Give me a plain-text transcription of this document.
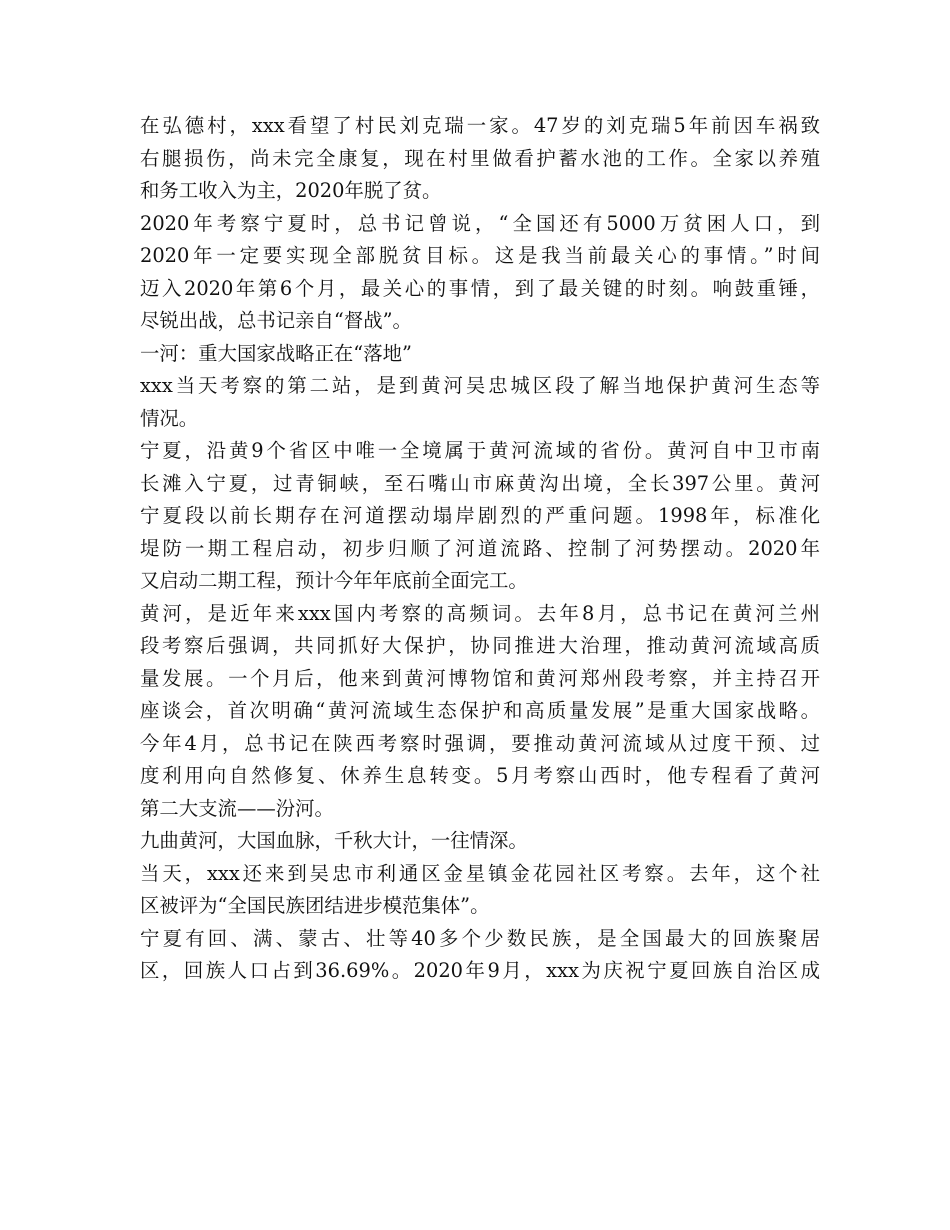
在弘德村，xxx看望了村民刘克瑞一家。47岁的刘克瑞5年前因车祸致
右腿损伤，尚未完全康复，现在村里做看护蓄水池的工作。全家以养殖
和务工收入为主，2020年脱了贫。
2020年考察宁夏时，总书记曾说，“全国还有5000万贫困人口，到
2020年一定要实现全部脱贫目标。这是我当前最关心的事情。”时间
迈入2020年第6个月，最关心的事情，到了最关键的时刻。响鼓重锤，
尽锐出战，总书记亲自“督战”。
一河：重大国家战略正在“落地”
xxx当天考察的第二站，是到黄河吴忠城区段了解当地保护黄河生态等
情况。
宁夏，沿黄9个省区中唯一全境属于黄河流域的省份。黄河自中卫市南
长滩入宁夏，过青铜峡，至石嘴山市麻黄沟出境，全长397公里。黄河
宁夏段以前长期存在河道摆动塌岸剧烈的严重问题。1998年，标准化
堤防一期工程启动，初步归顺了河道流路、控制了河势摆动。2020年
又启动二期工程，预计今年年底前全面完工。
黄河，是近年来xxx国内考察的高频词。去年8月，总书记在黄河兰州
段考察后强调，共同抓好大保护，协同推进大治理，推动黄河流域高质
量发展。一个月后，他来到黄河博物馆和黄河郑州段考察，并主持召开
座谈会，首次明确“黄河流域生态保护和高质量发展”是重大国家战略。
今年4月，总书记在陕西考察时强调，要推动黄河流域从过度干预、过
度利用向自然修复、休养生息转变。5月考察山西时，他专程看了黄河
第二大支流——汾河。
九曲黄河，大国血脉，千秋大计，一往情深。
当天，xxx还来到吴忠市利通区金星镇金花园社区考察。去年，这个社
区被评为“全国民族团结进步模范集体”。
宁夏有回、满、蒙古、壮等40多个少数民族，是全国最大的回族聚居
区，回族人口占到36.69%。2020年9月，xxx为庆祝宁夏回族自治区成
